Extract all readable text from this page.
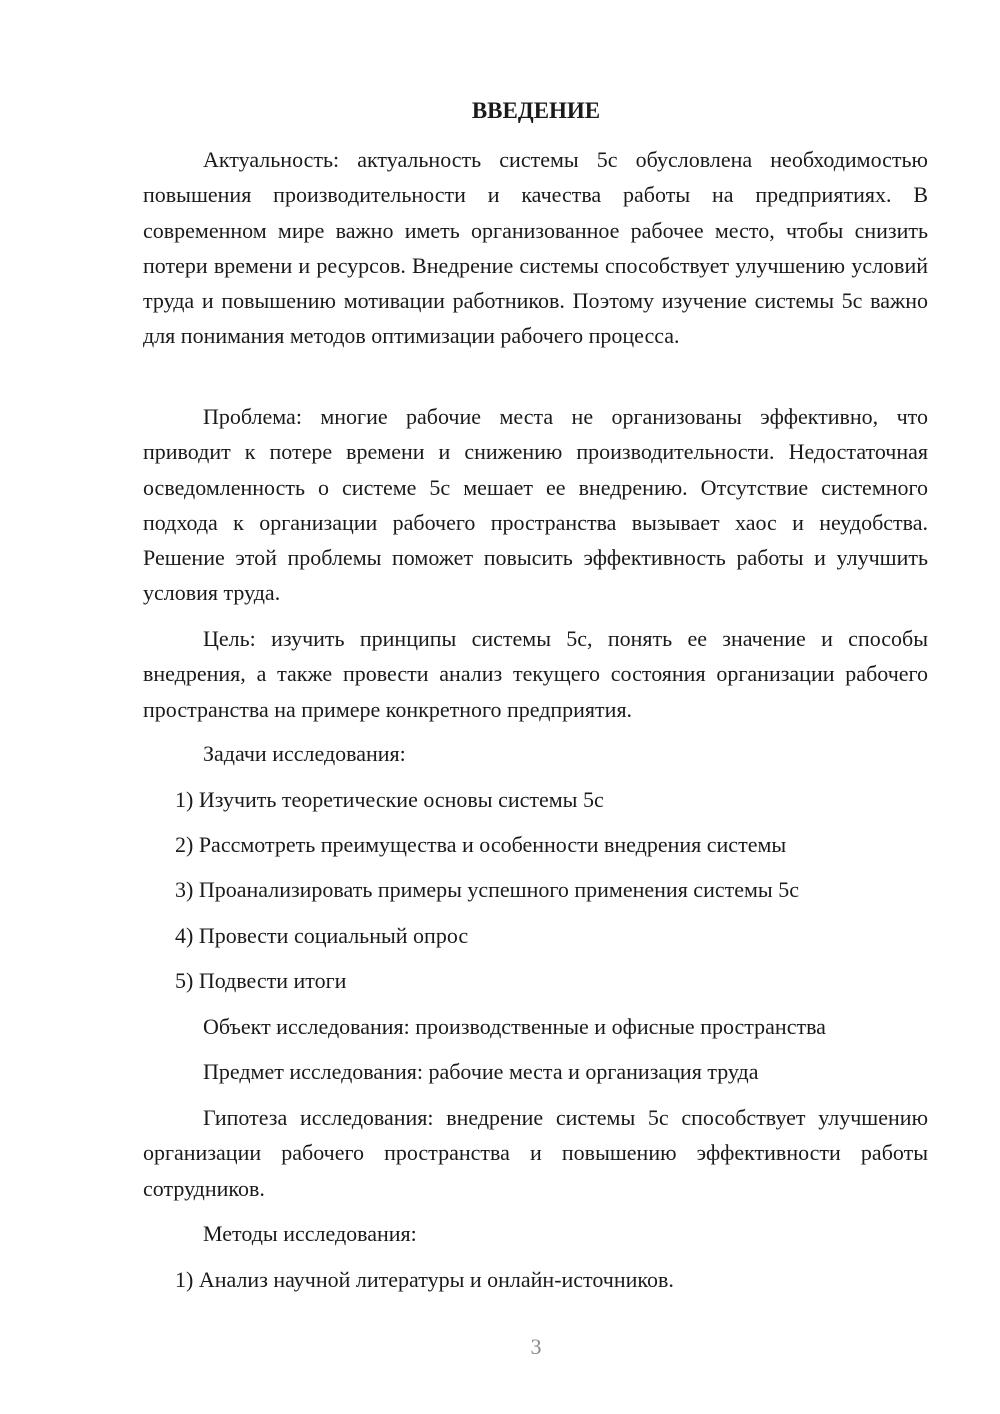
ВВЕДЕНИЕ

Актуальность: актуальность системы 5с обусловлена необходимостью повышения производительности и качества работы на предприятиях. В современном мире важно иметь организованное рабочее место, чтобы снизить потери времени и ресурсов. Внедрение системы способствует улучшению условий труда и повышению мотивации работников. Поэтому изучение системы 5с важно для понимания методов оптимизации рабочего процесса.

Проблема: многие рабочие места не организованы эффективно, что приводит к потере времени и снижению производительности. Недостаточная осведомленность о системе 5с мешает ее внедрению. Отсутствие системного подхода к организации рабочего пространства вызывает хаос и неудобства. Решение этой проблемы поможет повысить эффективность работы и улучшить условия труда.

Цель: изучить принципы системы 5с, понять ее значение и способы внедрения, а также провести анализ текущего состояния организации рабочего пространства на примере конкретного предприятия.

Задачи исследования:

1) Изучить теоретические основы системы 5с

2) Рассмотреть преимущества и особенности внедрения системы

3) Проанализировать примеры успешного применения системы 5с

4) Провести социальный опрос

5) Подвести итоги

Объект исследования: производственные и офисные пространства

Предмет исследования: рабочие места и организация труда

Гипотеза исследования: внедрение системы 5с способствует улучшению организации рабочего пространства и повышению эффективности работы сотрудников.

Методы исследования:

1) Анализ научной литературы и онлайн-источников.

3
